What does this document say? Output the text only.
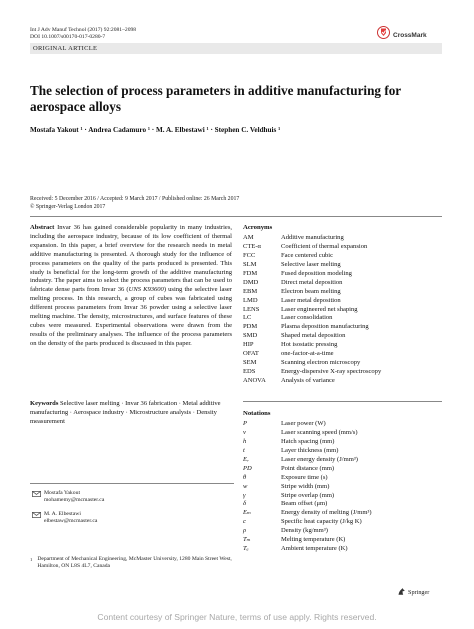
Int J Adv Manuf Technol (2017) 92:2081–2098
DOI 10.1007/s00170-017-0280-7	CrossMark
ORIGINAL ARTICLE
The selection of process parameters in additive manufacturing for aerospace alloys
Mostafa Yakout ¹ · Andrea Cadamuro ¹ · M. A. Elbestawi ¹ · Stephen C. Veldhuis ¹
Received: 5 December 2016 / Accepted: 9 March 2017 / Published online: 26 March 2017
© Springer-Verlag London 2017
Abstract Invar 36 has gained considerable popularity in many industries, including the aerospace industry, because of its low coefficient of thermal expansion. In this paper, a brief overview for the research needs in metal additive manufacturing is presented. A thorough study for the influence of process parameters on the quality of the parts produced is presented. This study is beneficial for the long-term growth of the additive manufacturing industry. The paper aims to select the process parameters that can be used to fabricate dense parts from Invar 36 (UNS K93600) using the selective laser melting process. In this research, a group of cubes was fabricated using different process parameters from Invar 36 powder using a selective laser melting machine. The density, microstructures, and surface features of these cubes were measured. Experimental observations were drawn from the results of the preliminary analyses. The influence of the process parameters on the density of the parts produced is discussed in this paper.
Keywords Selective laser melting · Invar 36 fabrication · Metal additive manufacturing · Aerospace industry · Microstructure analysis · Density measurement
Mostafa Yakout
mohamemy@mcmaster.ca
M. A. Elbestawi
elbestaw@mcmaster.ca
1 Department of Mechanical Engineering, McMaster University, 1280 Main Street West, Hamilton, ON L8S 4L7, Canada
Acronyms
AM	Additive manufacturing
CTE-α	Coefficient of thermal expansion
FCC	Face centered cubic
SLM	Selective laser melting
FDM	Fused deposition modeling
DMD	Direct metal deposition
EBM	Electron beam melting
LMD	Laser metal deposition
LENS	Laser engineered net shaping
LC	Laser consolidation
PDM	Plasma deposition manufacturing
SMD	Shaped metal deposition
HIP	Hot isostatic pressing
OFAT	one-factor-at-a-time
SEM	Scanning electron microscopy
EDS	Energy-dispersive X-ray spectroscopy
ANOVA	Analysis of variance
Notations
P	Laser power (W)
v	Laser scanning speed (mm/s)
h	Hatch spacing (mm)
t	Layer thickness (mm)
Eᵥ	Laser energy density (J/mm³)
PD	Point distance (mm)
θ	Exposure time (s)
w	Stripe width (mm)
γ	Stripe overlap (mm)
δ	Beam offset (μm)
Eₘ	Energy density of melting (J/mm³)
c	Specific heat capacity (J/kg K)
ρ	Density (kg/mm³)
Tₘ	Melting temperature (K)
Tₐ	Ambient temperature (K)
Springer
Content courtesy of Springer Nature, terms of use apply. Rights reserved.
